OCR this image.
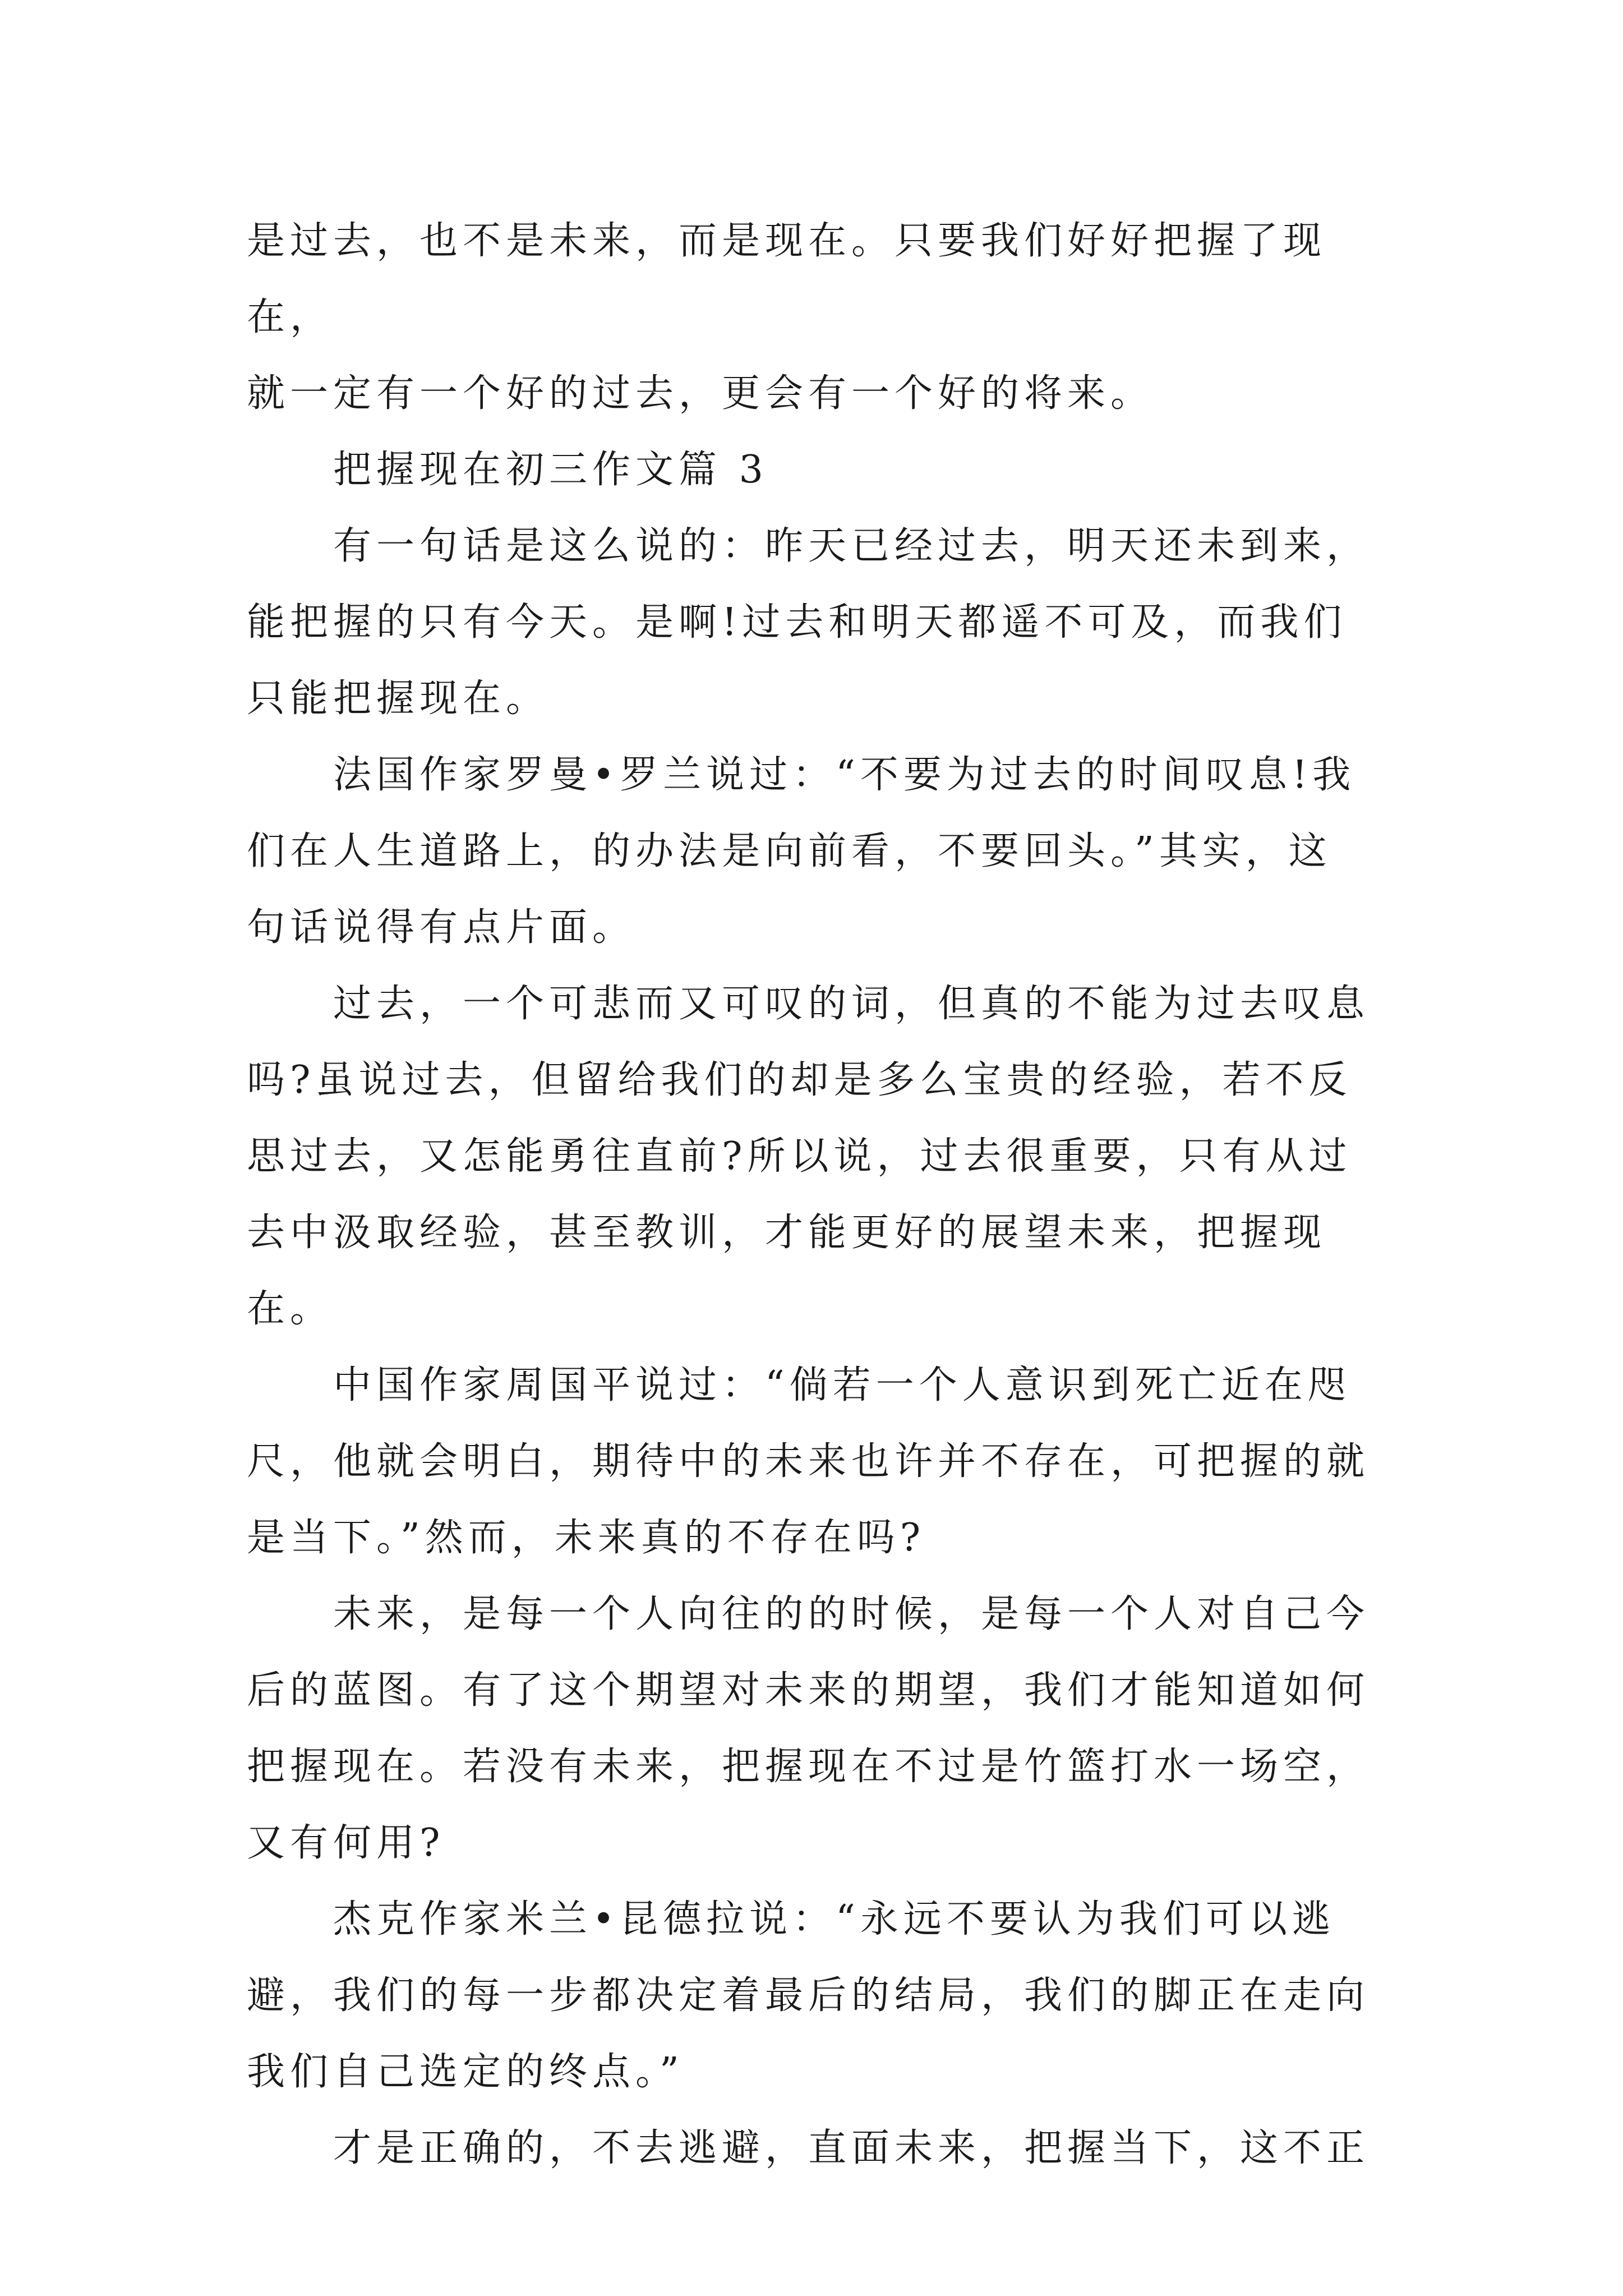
是过去，也不是未来，而是现在。只要我们好好把握了现在，
就一定有一个好的过去，更会有一个好的将来。

　　把握现在初三作文篇 3

　　有一句话是这么说的：昨天已经过去，明天还未到来，
能把握的只有今天。是啊!过去和明天都遥不可及，而我们
只能把握现在。

　　法国作家罗曼•罗兰说过：“不要为过去的时间叹息!我
们在人生道路上，的办法是向前看，不要回头。”其实，这
句话说得有点片面。

　　过去，一个可悲而又可叹的词，但真的不能为过去叹息
吗?虽说过去，但留给我们的却是多么宝贵的经验，若不反
思过去，又怎能勇往直前?所以说，过去很重要，只有从过
去中汲取经验，甚至教训，才能更好的展望未来，把握现在。

　　中国作家周国平说过：“倘若一个人意识到死亡近在咫
尺，他就会明白，期待中的未来也许并不存在，可把握的就
是当下。”然而，未来真的不存在吗?

　　未来，是每一个人向往的的时候，是每一个人对自己今
后的蓝图。有了这个期望对未来的期望，我们才能知道如何
把握现在。若没有未来，把握现在不过是竹篮打水一场空，
又有何用?

　　杰克作家米兰•昆德拉说：“永远不要认为我们可以逃
避，我们的每一步都决定着最后的结局，我们的脚正在走向
我们自己选定的终点。”

　　才是正确的，不去逃避，直面未来，把握当下，这不正
